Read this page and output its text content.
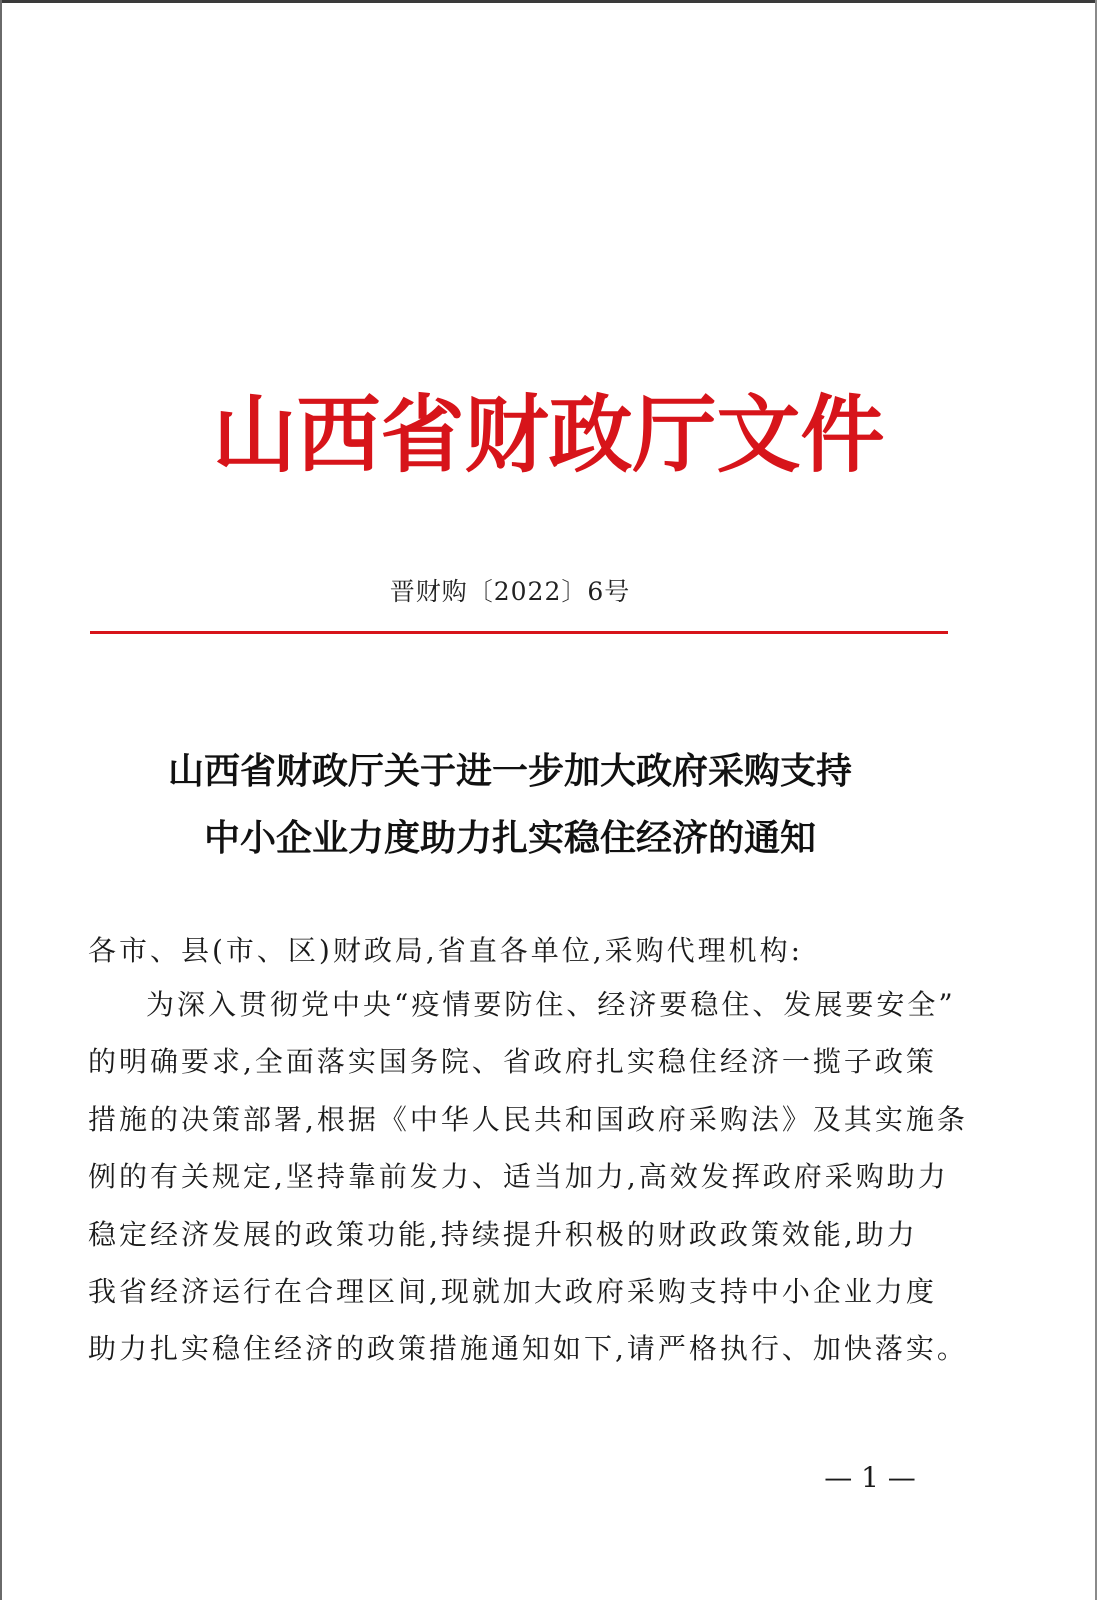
山西省财政厅文件
晋财购〔2022〕6号
山西省财政厅关于进一步加大政府采购支持
中小企业力度助力扎实稳住经济的通知

各市、县(市、区)财政局,省直各单位,采购代理机构:

为深入贯彻党中央“疫情要防住、经济要稳住、发展要安全”
的明确要求,全面落实国务院、省政府扎实稳住经济一揽子政策
措施的决策部署,根据《中华人民共和国政府采购法》及其实施条
例的有关规定,坚持靠前发力、适当加力,高效发挥政府采购助力
稳定经济发展的政策功能,持续提升积极的财政政策效能,助力
我省经济运行在合理区间,现就加大政府采购支持中小企业力度
助力扎实稳住经济的政策措施通知如下,请严格执行、加快落实。
— 1 —
